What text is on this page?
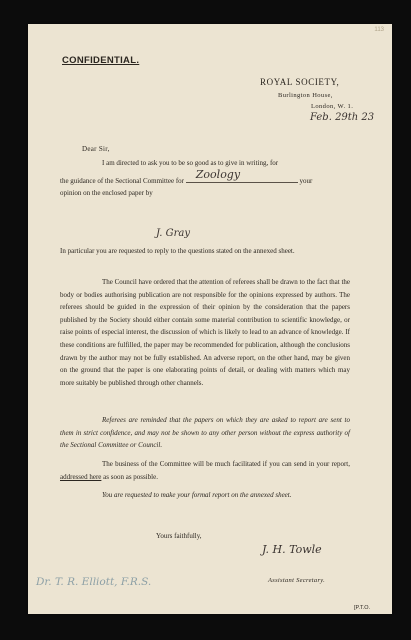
113
CONFIDENTIAL.
ROYAL SOCIETY,
Burlington House,
London, W. 1.
Feb. 29th 23
Dear Sir,
I am directed to ask you to be so good as to give in writing, for
the guidance of the Sectional Committee for Zoology	your
opinion on the enclosed paper by
J. Gray
In particular you are requested to reply to the questions stated on the annexed sheet.
The Council have ordered that the attention of referees shall be drawn to the fact that the body or bodies authorising publication are not responsible for the opinions expressed by authors. The referees should be guided in the expression of their opinion by the consideration that the papers published by the Society should either contain some material contribution to scientific knowledge, or raise points of especial interest, the discussion of which is likely to lead to an advance of knowledge. If these conditions are fulfilled, the paper may be recommended for publication, although the conclusions drawn by the author may not be fully established. An adverse report, on the other hand, may be given on the ground that the paper is one elaborating points of detail, or dealing with matters which may more suitably be published through other channels.
Referees are reminded that the papers on which they are asked to report are sent to them in strict confidence, and may not be shown to any other person without the express authority of the Sectional Committee or Council.
The business of the Committee will be much facilitated if you can send in your report, addressed here as soon as possible.
You are requested to make your formal report on the annexed sheet.
Yours faithfully,
J. H. Towle
Assistant Secretary.
Dr. T. R. Elliott, F.R.S.
[P.T.O.
